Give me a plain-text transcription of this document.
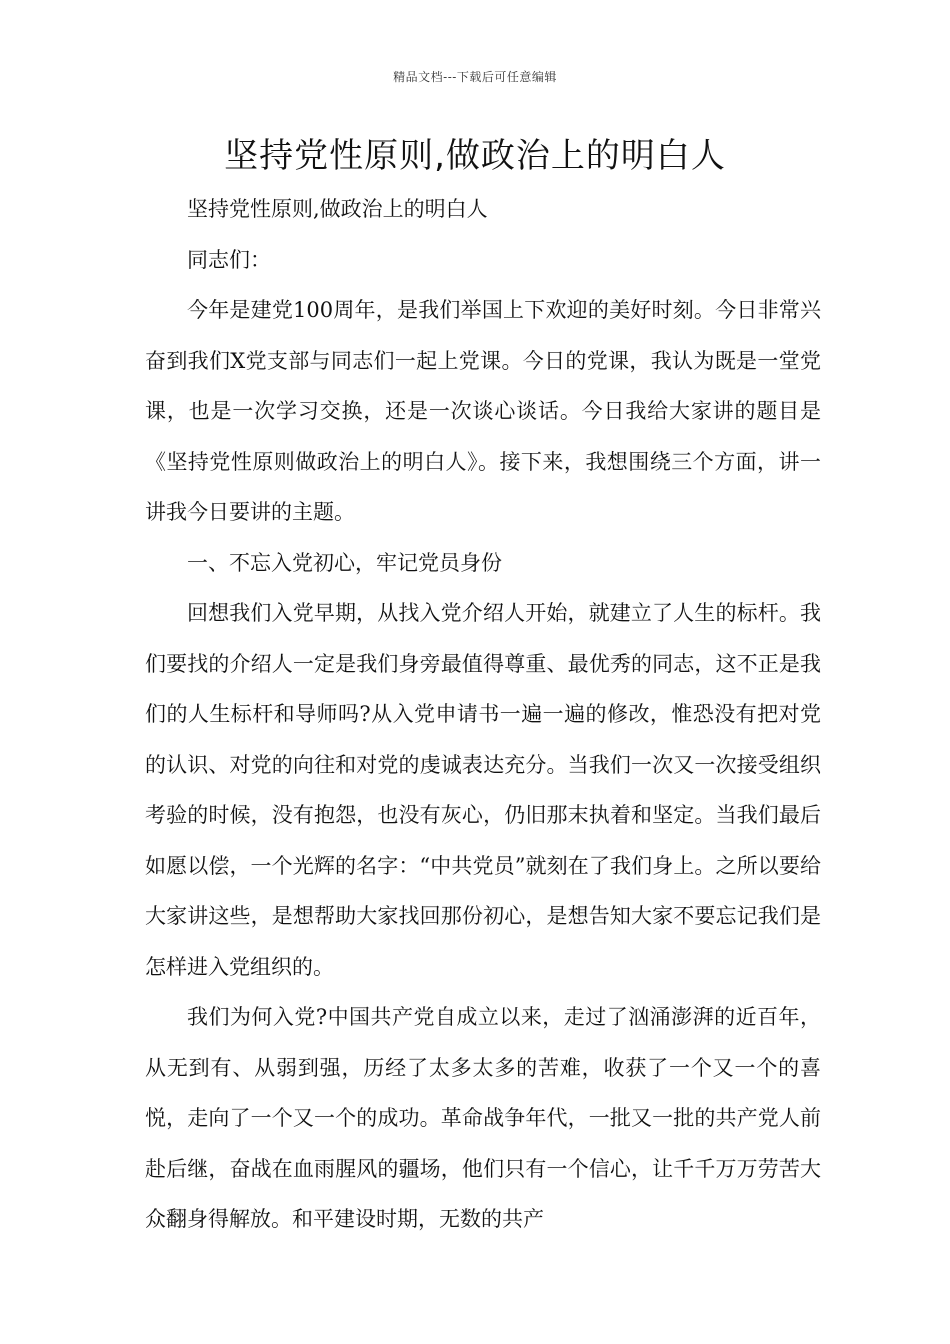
精品文档---下载后可任意编辑
坚持党性原则,做政治上的明白人

坚持党性原则,做政治上的明白人

同志们：

今年是建党100周年，是我们举国上下欢迎的美好时刻。今日非常兴奋到我们X党支部与同志们一起上党课。今日的党课，我认为既是一堂党课，也是一次学习交换，还是一次谈心谈话。今日我给大家讲的题目是《坚持党性原则做政治上的明白人》。接下来，我想围绕三个方面，讲一讲我今日要讲的主题。

一、不忘入党初心，牢记党员身份

回想我们入党早期，从找入党介绍人开始，就建立了人生的标杆。我们要找的介绍人一定是我们身旁最值得尊重、最优秀的同志，这不正是我们的人生标杆和导师吗?从入党申请书一遍一遍的修改，惟恐没有把对党的认识、对党的向往和对党的虔诚表达充分。当我们一次又一次接受组织考验的时候，没有抱怨，也没有灰心，仍旧那末执着和坚定。当我们最后如愿以偿，一个光辉的名字：“中共党员”就刻在了我们身上。之所以要给大家讲这些，是想帮助大家找回那份初心，是想告知大家不要忘记我们是怎样进入党组织的。

我们为何入党?中国共产党自成立以来，走过了汹涌澎湃的近百年，从无到有、从弱到强，历经了太多太多的苦难，收获了一个又一个的喜悦，走向了一个又一个的成功。革命战争年代，一批又一批的共产党人前赴后继，奋战在血雨腥风的疆场，他们只有一个信心，让千千万万劳苦大众翻身得解放。和平建设时期，无数的共产
